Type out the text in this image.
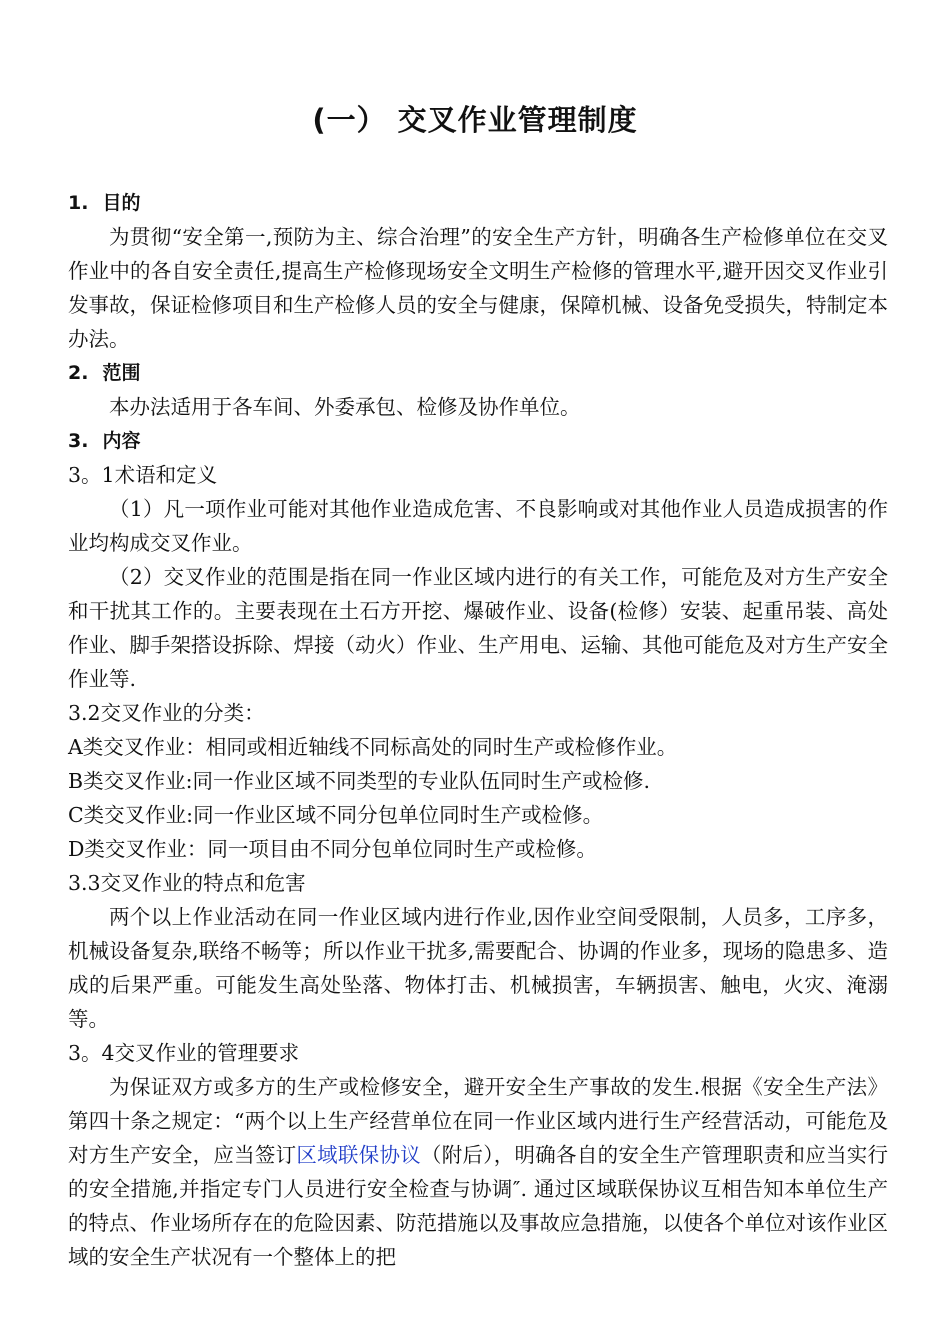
(一） 交叉作业管理制度

1. 目的

为贯彻“安全第一,预防为主、综合治理”的安全生产方针，明确各生产检修单位在交叉作业中的各自安全责任,提高生产检修现场安全文明生产检修的管理水平,避开因交叉作业引发事故，保证检修项目和生产检修人员的安全与健康，保障机械、设备免受损失，特制定本办法。

2. 范围

本办法适用于各车间、外委承包、检修及协作单位。

3. 内容

3。1术语和定义

（1）凡一项作业可能对其他作业造成危害、不良影响或对其他作业人员造成损害的作业均构成交叉作业。

（2）交叉作业的范围是指在同一作业区域内进行的有关工作，可能危及对方生产安全和干扰其工作的。主要表现在土石方开挖、爆破作业、设备(检修）安装、起重吊装、高处作业、脚手架搭设拆除、焊接（动火）作业、生产用电、运输、其他可能危及对方生产安全作业等.

3.2交叉作业的分类：

A类交叉作业：相同或相近轴线不同标高处的同时生产或检修作业。

B类交叉作业:同一作业区域不同类型的专业队伍同时生产或检修.

C类交叉作业:同一作业区域不同分包单位同时生产或检修。

D类交叉作业：同一项目由不同分包单位同时生产或检修。

3.3交叉作业的特点和危害

两个以上作业活动在同一作业区域内进行作业,因作业空间受限制，人员多，工序多，机械设备复杂,联络不畅等；所以作业干扰多,需要配合、协调的作业多，现场的隐患多、造成的后果严重。可能发生高处坠落、物体打击、机械损害，车辆损害、触电，火灾、淹溺等。

3。4交叉作业的管理要求

为保证双方或多方的生产或检修安全，避开安全生产事故的发生.根据《安全生产法》第四十条之规定：“两个以上生产经营单位在同一作业区域内进行生产经营活动，可能危及对方生产安全，应当签订区域联保协议（附后），明确各自的安全生产管理职责和应当实行的安全措施,并指定专门人员进行安全检查与协调″. 通过区域联保协议互相告知本单位生产的特点、作业场所存在的危险因素、防范措施以及事故应急措施，以使各个单位对该作业区域的安全生产状况有一个整体上的把
